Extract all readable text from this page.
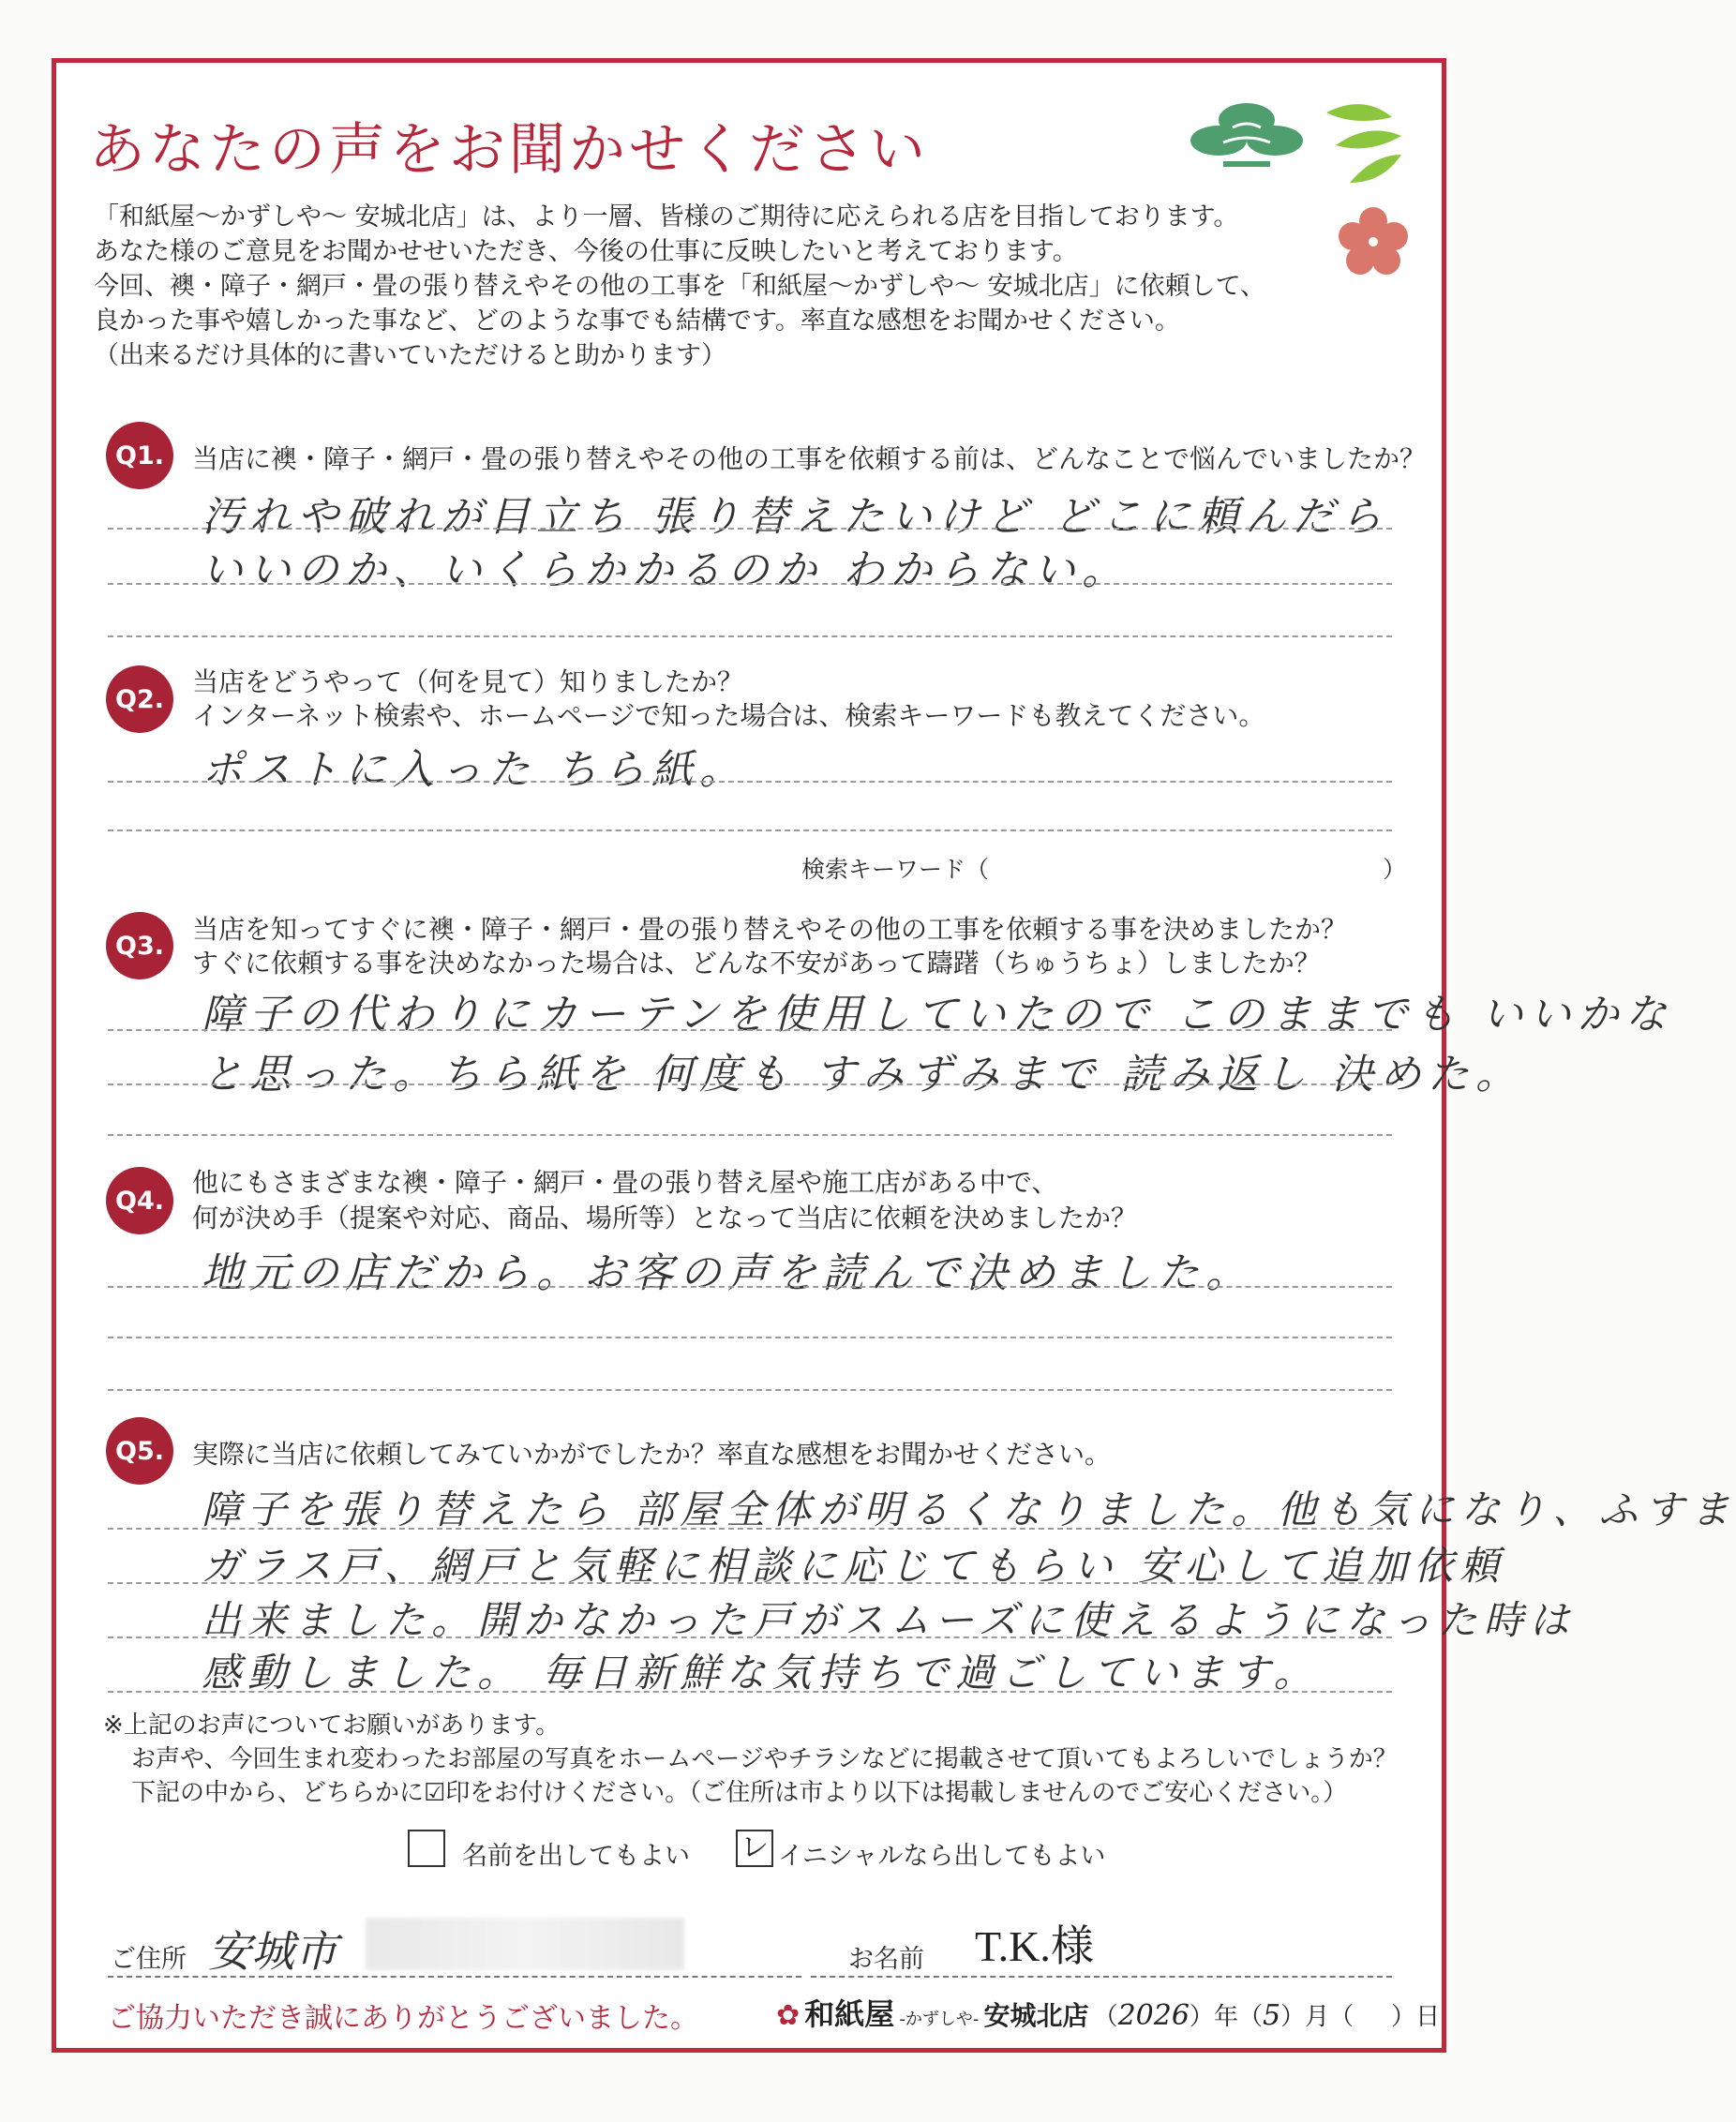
あなたの声をお聞かせください
「和紙屋〜かずしや〜 安城北店」は、より一層、皆様のご期待に応えられる店を目指しております。
あなた様のご意見をお聞かせせいただき、今後の仕事に反映したいと考えております。
今回、襖・障子・網戸・畳の張り替えやその他の工事を「和紙屋〜かずしや〜 安城北店」に依頼して、
良かった事や嬉しかった事など、どのような事でも結構です。率直な感想をお聞かせください。
（出来るだけ具体的に書いていただけると助かります）
Q1.	当店に襖・障子・網戸・畳の張り替えやその他の工事を依頼する前は、どんなことで悩んでいましたか？
汚れや破れが目立ち 張り替えたいけど どこに頼んだら
いいのか、いくらかかるのか わからない。
Q2.
当店をどうやって（何を見て）知りましたか？
インターネット検索や、ホームページで知った場合は、検索キーワードも教えてください。
ポストに入った ちら紙。
検索キーワード（	）
Q3.
当店を知ってすぐに襖・障子・網戸・畳の張り替えやその他の工事を依頼する事を決めましたか？
すぐに依頼する事を決めなかった場合は、どんな不安があって躊躇（ちゅうちょ）しましたか？
障子の代わりにカーテンを使用していたので このままでも いいかな
と思った。ちら紙を 何度も すみずみまで 読み返し 決めた。
Q4.
他にもさまざまな襖・障子・網戸・畳の張り替え屋や施工店がある中で、
何が決め手（提案や対応、商品、場所等）となって当店に依頼を決めましたか？
地元の店だから。お客の声を読んで決めました。
Q5.	実際に当店に依頼してみていかがでしたか？率直な感想をお聞かせください。
障子を張り替えたら 部屋全体が明るくなりました。他も気になり、ふすま
ガラス戸、網戸と気軽に相談に応じてもらい 安心して追加依頼
出来ました。開かなかった戸がスムーズに使えるようになった時は
感動しました。 毎日新鮮な気持ちで過ごしています。
※上記のお声についてお願いがあります。
お声や、今回生まれ変わったお部屋の写真をホームページやチラシなどに掲載させて頂いてもよろしいでしょうか？
下記の中から、どちらかに☑印をお付けください。（ご住所は市より以下は掲載しませんのでご安心ください。）
名前を出してもよい レ イニシャルなら出してもよい
ご住所 安城市	お名前 T.K.様
ご協力いただき誠にありがとうございました。	✿ 和紙屋 -かずしや- 安城北店 （2026）年（5）月（ ）日
